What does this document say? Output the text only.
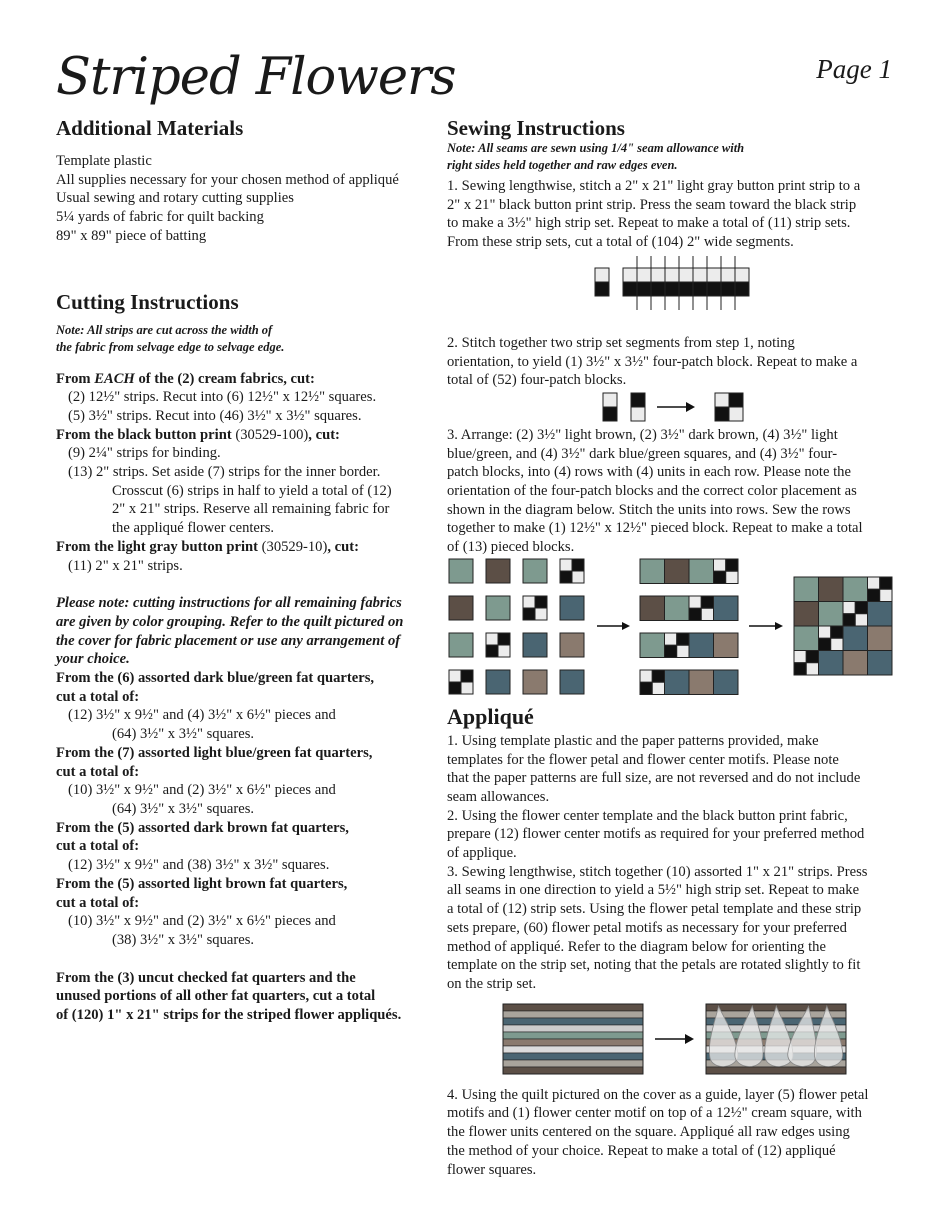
Striped Flowers	Page 1
Additional Materials
Template plastic
All supplies necessary for your chosen method of appliqué
Usual sewing and rotary cutting supplies
5¼ yards of fabric for quilt backing
89" x 89" piece of batting
Cutting Instructions
Note: All strips are cut across the width of
the fabric from selvage edge to selvage edge.
From EACH of the (2) cream fabrics, cut:
(2) 12½" strips. Recut into (6) 12½" x 12½" squares.
(5) 3½" strips. Recut into (46) 3½" x 3½" squares.
From the black button print (30529-100), cut:
(9) 2¼" strips for binding.
(13) 2" strips. Set aside (7) strips for the inner border.
Crosscut (6) strips in half to yield a total of (12)
2" x 21" strips. Reserve all remaining fabric for
the appliqué flower centers.
From the light gray button print (30529-10), cut:
(11) 2" x 21" strips.
Please note: cutting instructions for all remaining fabrics
are given by color grouping. Refer to the quilt pictured on
the cover for fabric placement or use any arrangement of
your choice.
From the (6) assorted dark blue/green fat quarters,
cut a total of:
(12) 3½" x 9½" and (4) 3½" x 6½" pieces and
(64) 3½" x 3½" squares.
From the (7) assorted light blue/green fat quarters,
cut a total of:
(10) 3½" x 9½" and (2) 3½" x 6½" pieces and
(64) 3½" x 3½" squares.
From the (5) assorted dark brown fat quarters,
cut a total of:
(12) 3½" x 9½" and (38) 3½" x 3½" squares.
From the (5) assorted light brown fat quarters,
cut a total of:
(10) 3½" x 9½" and (2) 3½" x 6½" pieces and
(38) 3½" x 3½" squares.
From the (3) uncut checked fat quarters and the
unused portions of all other fat quarters, cut a total
of (120) 1" x 21" strips for the striped flower appliqués.
Sewing Instructions
Note: All seams are sewn using 1/4" seam allowance with
right sides held together and raw edges even.
1. Sewing lengthwise, stitch a 2" x 21" light gray button print strip to a
2" x 21" black button print strip. Press the seam toward the black strip
to make a 3½" high strip set. Repeat to make a total of (11) strip sets.
From these strip sets, cut a total of (104) 2" wide segments.
2. Stitch together two strip set segments from step 1, noting
orientation, to yield (1) 3½" x 3½" four-patch block. Repeat to make a
total of (52) four-patch blocks.
3. Arrange: (2) 3½" light brown, (2) 3½" dark brown, (4) 3½" light
blue/green, and (4) 3½" dark blue/green squares, and (4) 3½" four-
patch blocks, into (4) rows with (4) units in each row. Please note the
orientation of the four-patch blocks and the correct color placement as
shown in the diagram below. Stitch the units into rows. Sew the rows
together to make (1) 12½" x 12½" pieced block. Repeat to make a total
of (13) pieced blocks.
Appliqué
1. Using template plastic and the paper patterns provided, make
templates for the flower petal and flower center motifs. Please note
that the paper patterns are full size, are not reversed and do not include
seam allowances.
2. Using the flower center template and the black button print fabric,
prepare (12) flower center motifs as required for your preferred method
of applique.
3. Sewing lengthwise, stitch together (10) assorted 1" x 21" strips. Press
all seams in one direction to yield a 5½" high strip set. Repeat to make
a total of (12) strip sets. Using the flower petal template and these strip
sets prepare, (60) flower petal motifs as necessary for your preferred
method of appliqué. Refer to the diagram below for orienting the
template on the strip set, noting that the petals are rotated slightly to fit
on the strip set.
4. Using the quilt pictured on the cover as a guide, layer (5) flower petal
motifs and (1) flower center motif on top of a 12½" cream square, with
the flower units centered on the square. Appliqué all raw edges using
the method of your choice. Repeat to make a total of (12) appliqué
flower squares.
